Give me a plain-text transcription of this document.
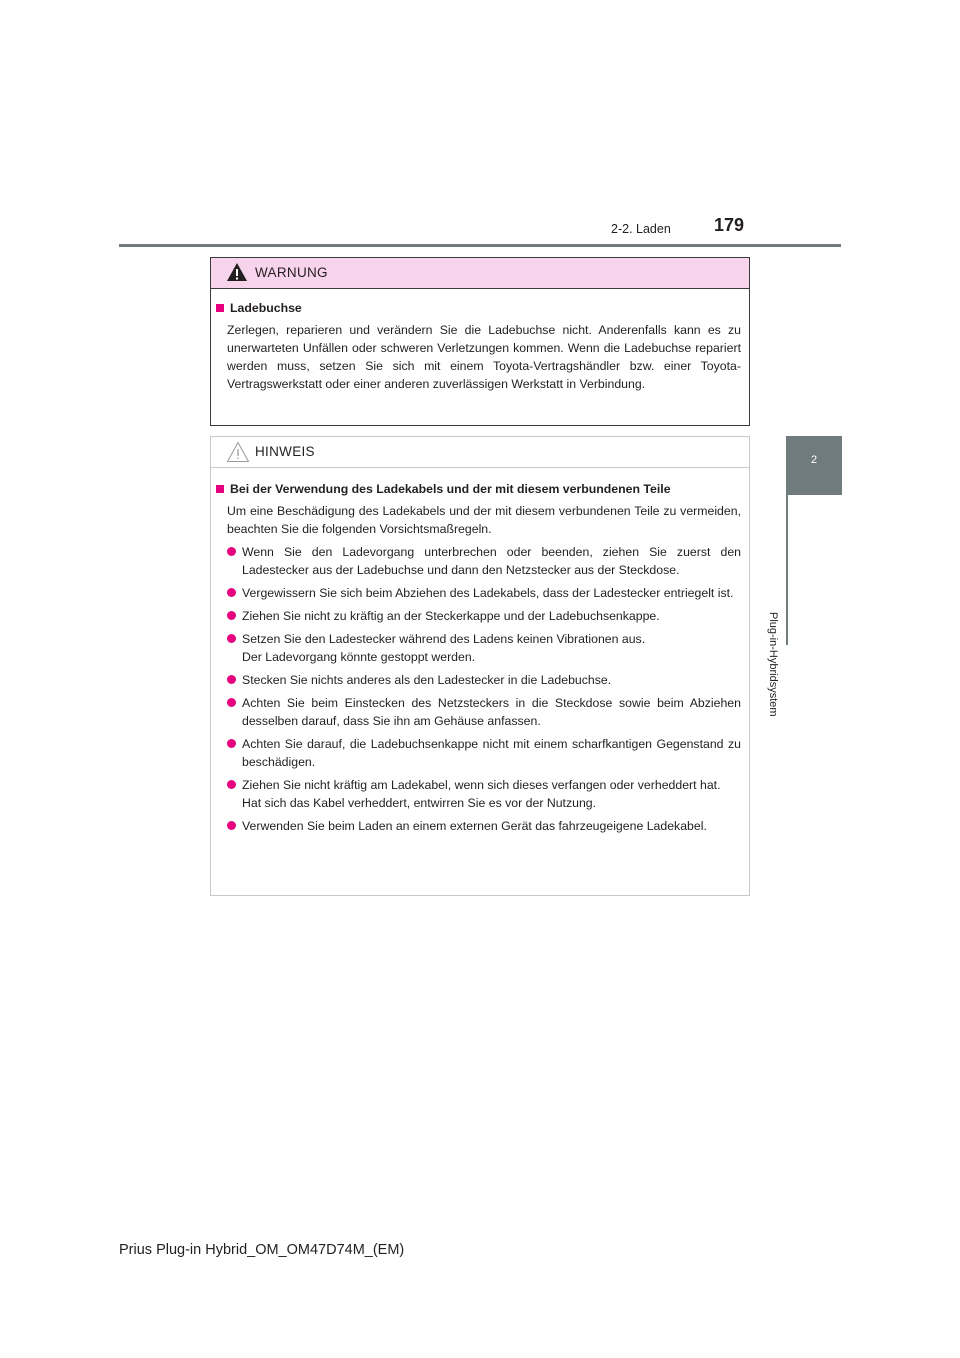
2-2. Laden 179
2
Plug-in-Hybridsystem
WARNUNG
Ladebuchse
Zerlegen, reparieren und verändern Sie die Ladebuchse nicht. Anderenfalls kann es zu unerwarteten Unfällen oder schweren Verletzungen kommen. Wenn die Ladebuchse repariert werden muss, setzen Sie sich mit einem Toyota-Vertragshändler bzw. einer Toyota-Vertragswerkstatt oder einer anderen zuverlässigen Werkstatt in Verbindung.
HINWEIS
Bei der Verwendung des Ladekabels und der mit diesem verbundenen Teile
Um eine Beschädigung des Ladekabels und der mit diesem verbundenen Teile zu vermeiden, beachten Sie die folgenden Vorsichtsmaßregeln.
Wenn Sie den Ladevorgang unterbrechen oder beenden, ziehen Sie zuerst den Ladestecker aus der Ladebuchse und dann den Netzstecker aus der Steckdose.
Vergewissern Sie sich beim Abziehen des Ladekabels, dass der Ladestecker entriegelt ist.
Ziehen Sie nicht zu kräftig an der Steckerkappe und der Ladebuchsenkappe.
Setzen Sie den Ladestecker während des Ladens keinen Vibrationen aus.
Der Ladevorgang könnte gestoppt werden.
Stecken Sie nichts anderes als den Ladestecker in die Ladebuchse.
Achten Sie beim Einstecken des Netzsteckers in die Steckdose sowie beim Abziehen desselben darauf, dass Sie ihn am Gehäuse anfassen.
Achten Sie darauf, die Ladebuchsenkappe nicht mit einem scharfkantigen Gegenstand zu beschädigen.
Ziehen Sie nicht kräftig am Ladekabel, wenn sich dieses verfangen oder verheddert hat.
Hat sich das Kabel verheddert, entwirren Sie es vor der Nutzung.
Verwenden Sie beim Laden an einem externen Gerät das fahrzeugeigene Ladekabel.
Prius Plug-in Hybrid_OM_OM47D74M_(EM)
